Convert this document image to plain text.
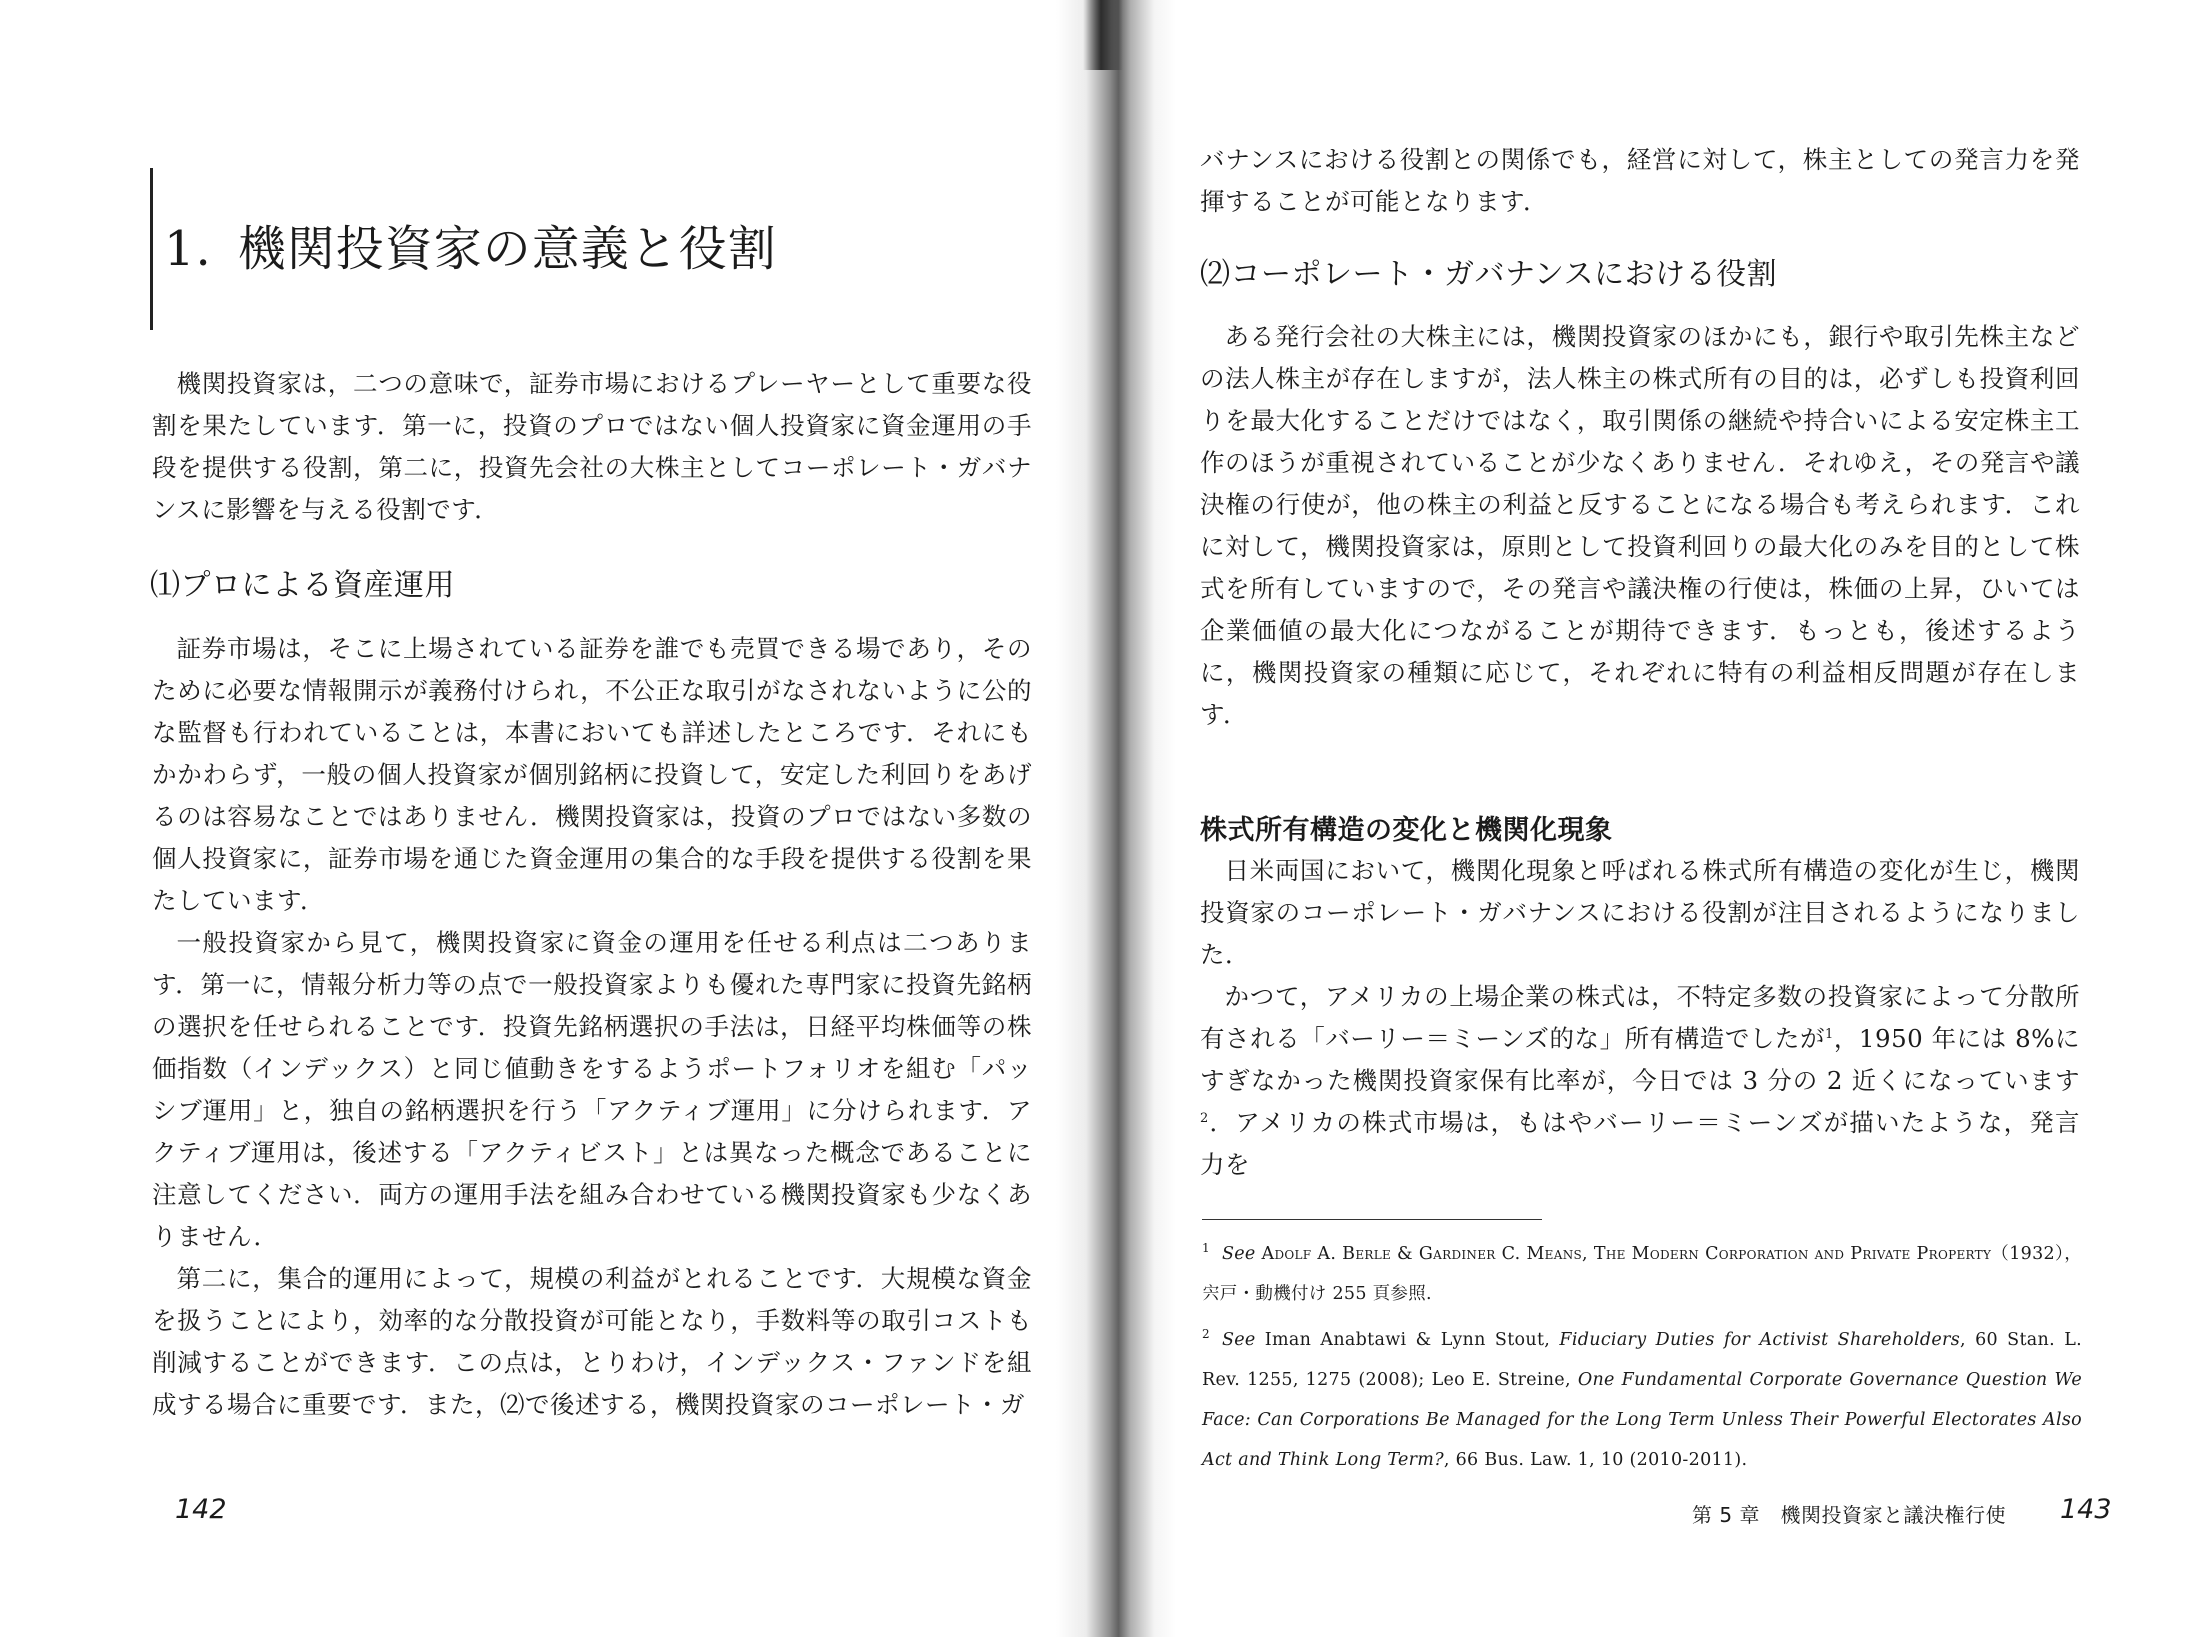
1. 機関投資家の意義と役割

機関投資家は，二つの意味で，証券市場におけるプレーヤーとして重要な役割を果たしています．第一に，投資のプロではない個人投資家に資金運用の手段を提供する役割，第二に，投資先会社の大株主としてコーポレート・ガバナンスに影響を与える役割です．

⑴プロによる資産運用

証券市場は，そこに上場されている証券を誰でも売買できる場であり，そのために必要な情報開示が義務付けられ，不公正な取引がなされないように公的な監督も行われていることは，本書においても詳述したところです．それにもかかわらず，一般の個人投資家が個別銘柄に投資して，安定した利回りをあげるのは容易なことではありません．機関投資家は，投資のプロではない多数の個人投資家に，証券市場を通じた資金運用の集合的な手段を提供する役割を果たしています．

一般投資家から見て，機関投資家に資金の運用を任せる利点は二つあります．第一に，情報分析力等の点で一般投資家よりも優れた専門家に投資先銘柄の選択を任せられることです．投資先銘柄選択の手法は，日経平均株価等の株価指数（インデックス）と同じ値動きをするようポートフォリオを組む「パッシブ運用」と，独自の銘柄選択を行う「アクティブ運用」に分けられます．アクティブ運用は，後述する「アクティビスト」とは異なった概念であることに注意してください．両方の運用手法を組み合わせている機関投資家も少なくありません．

第二に，集合的運用によって，規模の利益がとれることです．大規模な資金を扱うことにより，効率的な分散投資が可能となり，手数料等の取引コストも削減することができます．この点は，とりわけ，インデックス・ファンドを組成する場合に重要です．また，⑵で後述する，機関投資家のコーポレート・ガ

142

バナンスにおける役割との関係でも，経営に対して，株主としての発言力を発揮することが可能となります．

⑵コーポレート・ガバナンスにおける役割

ある発行会社の大株主には，機関投資家のほかにも，銀行や取引先株主などの法人株主が存在しますが，法人株主の株式所有の目的は，必ずしも投資利回りを最大化することだけではなく，取引関係の継続や持合いによる安定株主工作のほうが重視されていることが少なくありません．それゆえ，その発言や議決権の行使が，他の株主の利益と反することになる場合も考えられます．これに対して，機関投資家は，原則として投資利回りの最大化のみを目的として株式を所有していますので，その発言や議決権の行使は，株価の上昇，ひいては企業価値の最大化につながることが期待できます．もっとも，後述するように，機関投資家の種類に応じて，それぞれに特有の利益相反問題が存在します．

株式所有構造の変化と機関化現象

日米両国において，機関化現象と呼ばれる株式所有構造の変化が生じ，機関投資家のコーポレート・ガバナンスにおける役割が注目されるようになりました．

かつて，アメリカの上場企業の株式は，不特定多数の投資家によって分散所有される「バーリー＝ミーンズ的な」所有構造でしたが$^1$，1950 年には 8%にすぎなかった機関投資家保有比率が，今日では 3 分の 2 近くになっています$^2$．アメリカの株式市場は，もはやバーリー＝ミーンズが描いたような，発言力を

$^1$ See Adolf A. Berle & Gardiner C. Means, The Modern Corporation and Private Property（1932），宍戸・動機付け 255 頁参照.

$^2$ See Iman Anabtawi & Lynn Stout, Fiduciary Duties for Activist Shareholders, 60 Stan. L. Rev. 1255, 1275 (2008); Leo E. Streine, One Fundamental Corporate Governance Question We Face: Can Corporations Be Managed for the Long Term Unless Their Powerful Electorates Also Act and Think Long Term?, 66 Bus. Law. 1, 10 (2010-2011).

第 5 章　機関投資家と議決権行使 143
